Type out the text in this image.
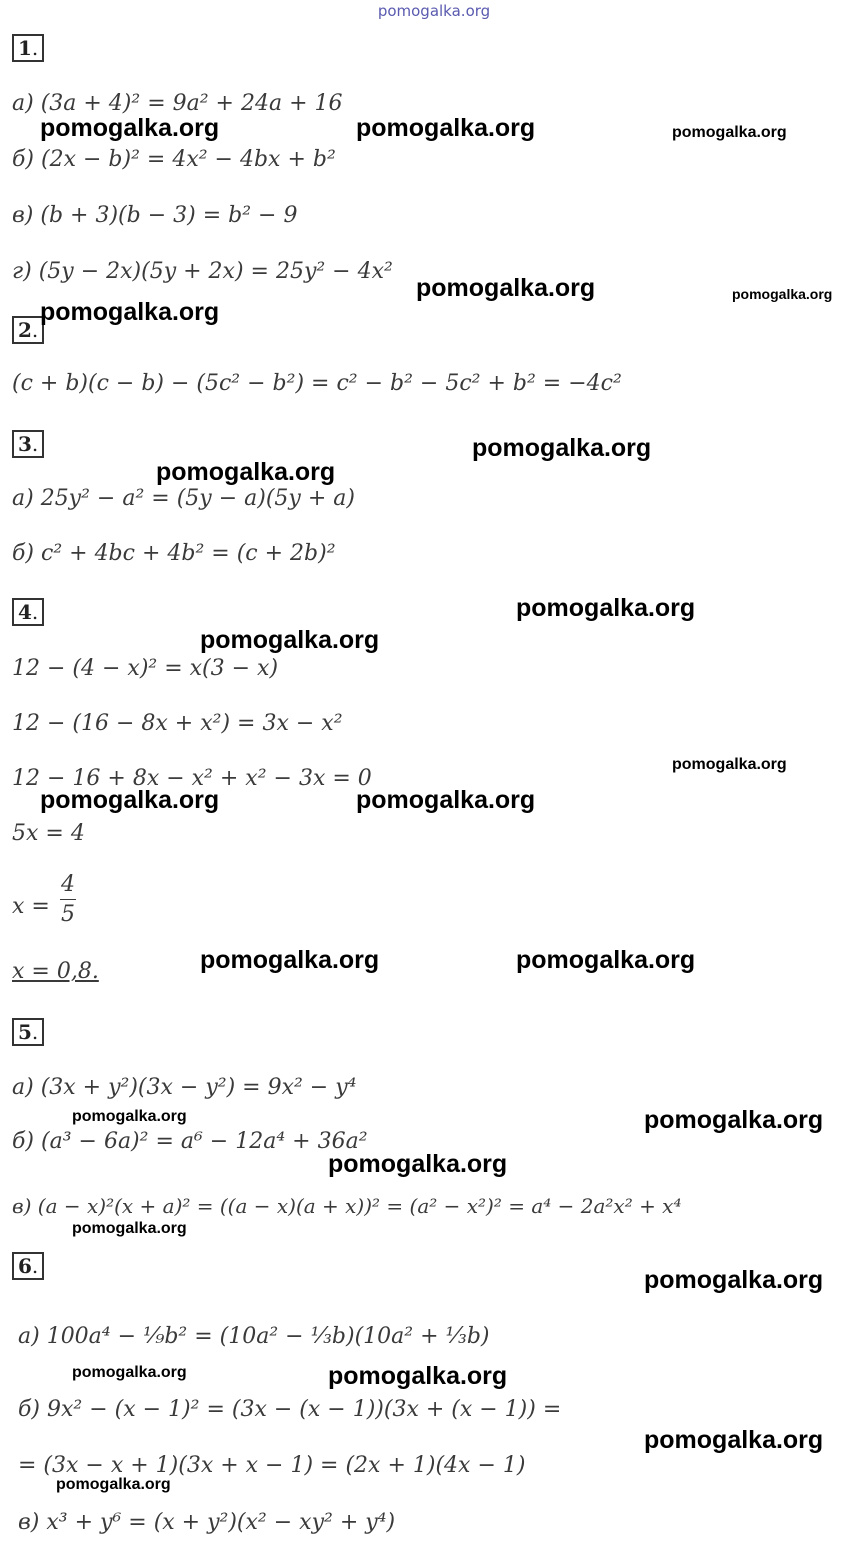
pomogalka.org
1.
а) (3a + 4)² = 9a² + 24a + 16
б) (2x − b)² = 4x² − 4bx + b²
в) (b + 3)(b − 3) = b² − 9
г) (5y − 2x)(5y + 2x) = 25y² − 4x²
2.
(c + b)(c − b) − (5c² − b²) = c² − b² − 5c² + b² = −4c²
3.
а) 25y² − a² = (5y − a)(5y + a)
б) c² + 4bc + 4b² = (c + 2b)²
4.
12 − (4 − x)² = x(3 − x)
12 − (16 − 8x + x²) = 3x − x²
12 − 16 + 8x − x² + x² − 3x = 0
5x = 4
x =
4
5
x = 0,8.
5.
а) (3x + y²)(3x − y²) = 9x² − y⁴
б) (a³ − 6a)² = a⁶ − 12a⁴ + 36a²
в) (a − x)²(x + a)² = ((a − x)(a + x))² = (a² − x²)² = a⁴ − 2a²x² + x⁴
6.
а) 100a⁴ − ¹⁄₉b² = (10a² − ¹⁄₃b)(10a² + ¹⁄₃b)
б) 9x² − (x − 1)² = (3x − (x − 1))(3x + (x − 1)) =
= (3x − x + 1)(3x + x − 1) = (2x + 1)(4x − 1)
в) x³ + y⁶ = (x + y²)(x² − xy² + y⁴)
pomogalka.org	pomogalka.org	pomogalka.org
pomogalka.org	pomogalka.org
pomogalka.org
pomogalka.org
pomogalka.org
pomogalka.org
pomogalka.org
pomogalka.org
pomogalka.org	pomogalka.org
pomogalka.org	pomogalka.org
pomogalka.org	pomogalka.org
pomogalka.org
pomogalka.org
pomogalka.org
pomogalka.org	pomogalka.org
pomogalka.org
pomogalka.org
